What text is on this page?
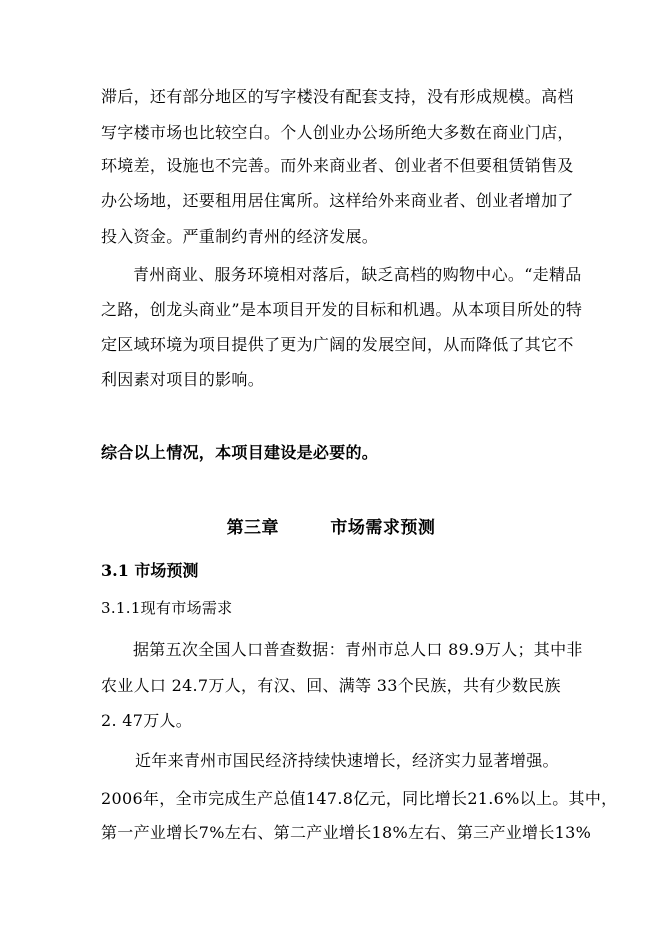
滞后，还有部分地区的写字楼没有配套支持，没有形成规模。高档
写字楼市场也比较空白。个人创业办公场所绝大多数在商业门店，
环境差，设施也不完善。而外来商业者、创业者不但要租赁销售及
办公场地，还要租用居住寓所。这样给外来商业者、创业者增加了
投入资金。严重制约青州的经济发展。
青州商业、服务环境相对落后，缺乏高档的购物中心。“走精品
之路，创龙头商业”是本项目开发的目标和机遇。从本项目所处的特
定区域环境为项目提供了更为广阔的发展空间，从而降低了其它不
利因素对项目的影响。
综合以上情况，本项目建设是必要的。
第三章        市场需求预测
3.1 市场预测
3.1.1现有市场需求
据第五次全国人口普查数据：青州市总人口 89.9万人；其中非
农业人口 24.7万人，有汉、回、满等 33个民族，共有少数民族
2. 47万人。
近年来青州市国民经济持续快速增长，经济实力显著增强。
2006年，全市完成生产总值147.8亿元，同比增长21.6%以上。其中，
第一产业增长7%左右、第二产业增长18%左右、第三产业增长13%
